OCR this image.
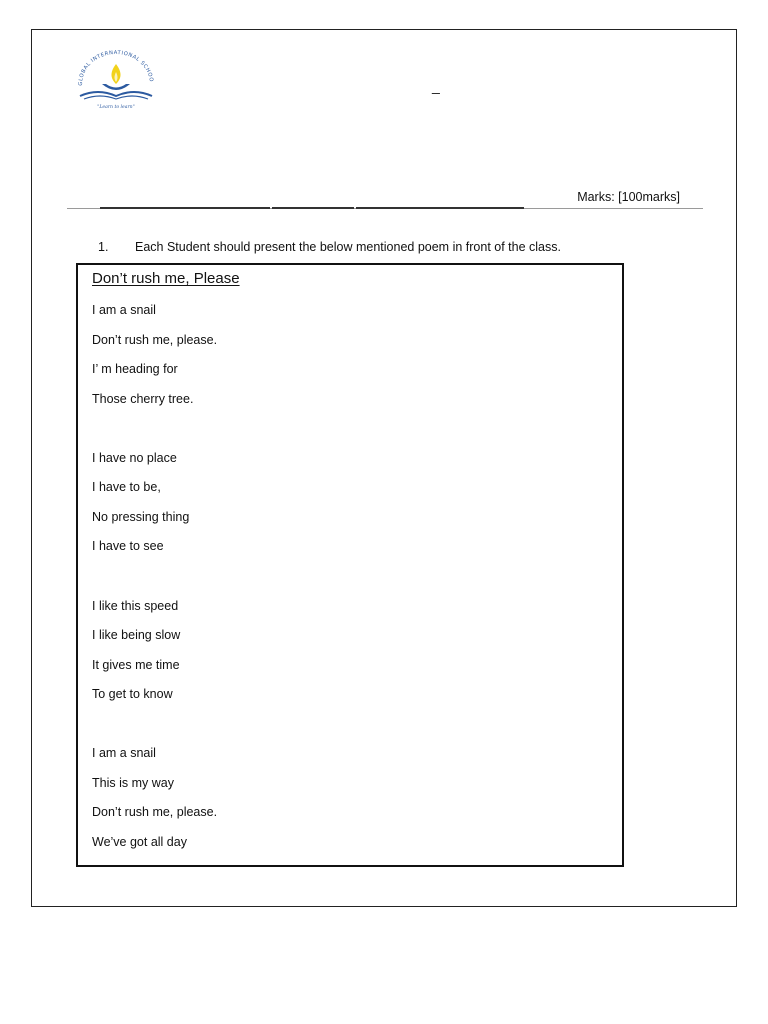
GLOBAL INTERNATIONAL SCHOO
"Learn to learn"
_
Marks: [100marks]
1. Each Student should present the below mentioned poem in front of the class.
Don’t rush me, Please
I am a snail
Don’t rush me, please.
I’ m heading for
Those cherry tree.
I have no place
I have to be,
No pressing thing
I have to see
I like this speed
I like being slow
It gives me time
To get to know
I am a snail
This is my way
Don’t rush me, please.
We’ve got all day
